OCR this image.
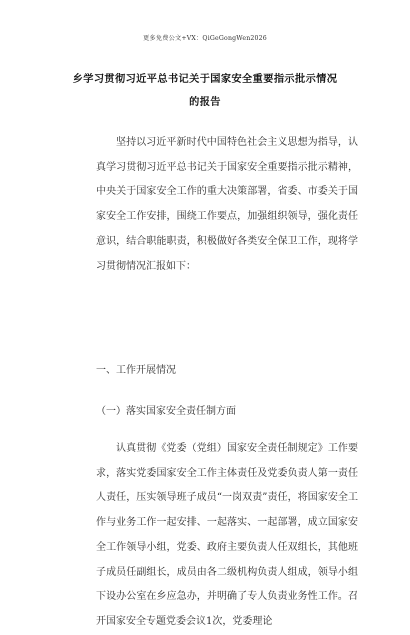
更多免费公文+VX：QiGeGongWen2026
乡学习贯彻习近平总书记关于国家安全重要指示批示情况
的报告

坚持以习近平新时代中国特色社会主义思想为指导，认真学习贯彻习近平总书记关于国家安全重要指示批示精神，中央关于国家安全工作的重大决策部署，省委、市委关于国家安全工作安排，围绕工作要点，加强组织领导，强化责任意识，结合职能职责，积极做好各类安全保卫工作，现将学习贯彻情况汇报如下：

一、工作开展情况
（一）落实国家安全责任制方面

认真贯彻《党委（党组）国家安全责任制规定》工作要求，落实党委国家安全工作主体责任及党委负责人第一责任人责任，压实领导班子成员“一岗双责”责任，将国家安全工作与业务工作一起安排、一起落实、一起部署，成立国家安全工作领导小组，党委、政府主要负责人任双组长，其他班子成员任副组长，成员由各二级机构负责人组成，领导小组下设办公室在乡应急办，并明确了专人负责业务性工作。召开国家安全专题党委会议1次，党委理论
